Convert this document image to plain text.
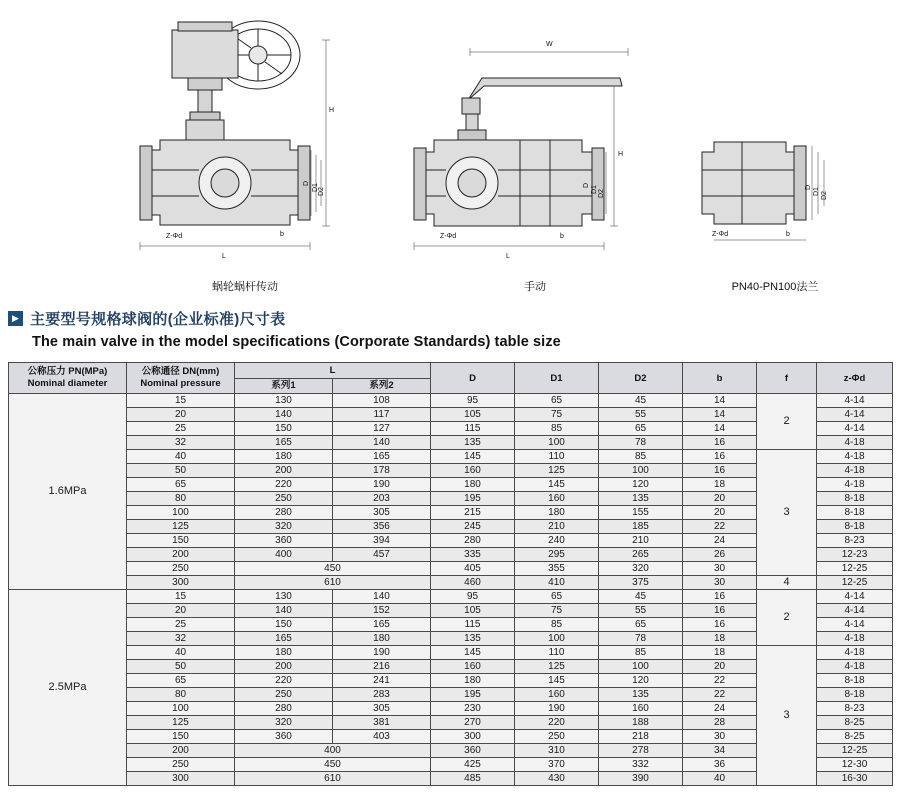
H
L
D D1 D2
Z-Φd	b
蜗轮蜗杆传动
W
H
L
D D1 D2
Z-Φd	b
手动
D D1 D2
Z-Φd	b
PN40-PN100法兰
▶ 主要型号规格球阀的(企业标准)尺寸表
The main valve in the model specifications (Corporate Standards) table size
公称压力 PN(MPa)
Nominal diameter	公称通径 DN(mm)
Nominal pressure	L		D	D1	D2	b	f	z-Φd
		系列1	系列2						
1.6MPa	15	130	108	95	65	45	14	2	4-14
	20	140	117	105	75	55	14		4-14
	25	150	127	115	85	65	14		4-14
	32	165	140	135	100	78	16		4-18
	40	180	165	145	110	85	16	3	4-18
	50	200	178	160	125	100	16		4-18
	65	220	190	180	145	120	18		4-18
	80	250	203	195	160	135	20		8-18
	100	280	305	215	180	155	20		8-18
	125	320	356	245	210	185	22		8-18
	150	360	394	280	240	210	24		8-23
	200	400	457	335	295	265	26		12-23
	250	450		405	355	320	30		12-25
	300	610		460	410	375	30	4	12-25
2.5MPa	15	130	140	95	65	45	16	2	4-14
	20	140	152	105	75	55	16		4-14
	25	150	165	115	85	65	16		4-14
	32	165	180	135	100	78	18		4-18
	40	180	190	145	110	85	18	3	4-18
	50	200	216	160	125	100	20		4-18
	65	220	241	180	145	120	22		8-18
	80	250	283	195	160	135	22		8-18
	100	280	305	230	190	160	24		8-23
	125	320	381	270	220	188	28		8-25
	150	360	403	300	250	218	30		8-25
	200	400		360	310	278	34		12-25
	250	450		425	370	332	36		12-30
	300	610		485	430	390	40		16-30
